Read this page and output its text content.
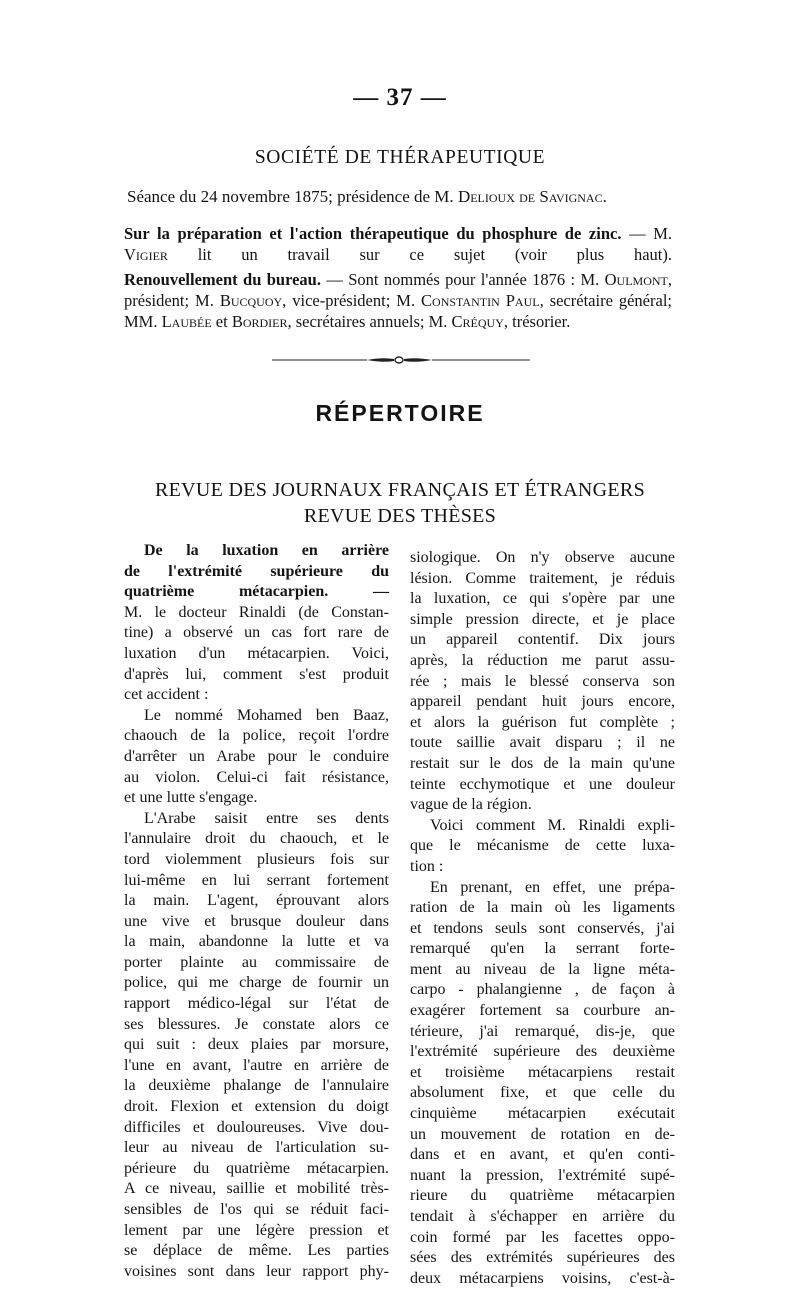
— 37 —
SOCIÉTÉ DE THÉRAPEUTIQUE
Séance du 24 novembre 1875; présidence de M. Delioux de Savignac.
Sur la préparation et l'action thérapeutique du phosphure de zinc. — M. Vigier lit un travail sur ce sujet (voir plus haut).
Renouvellement du bureau. — Sont nommés pour l'année 1876 : M. Oulmont, président; M. Bucquoy, vice-président; M. Constantin Paul, secrétaire général; MM. Laubée et Bordier, secrétaires annuels; M. Créquy, trésorier.
RÉPERTOIRE
REVUE DES JOURNAUX FRANÇAIS ET ÉTRANGERS
REVUE DES THÈSES
De la luxation en arrière
de l'extrémité supérieure du
quatrième métacarpien. —
M. le docteur Rinaldi (de Constan-
tine) a observé un cas fort rare de
luxation d'un métacarpien. Voici,
d'après lui, comment s'est produit
cet accident :
Le nommé Mohamed ben Baaz,
chaouch de la police, reçoit l'ordre
d'arrêter un Arabe pour le conduire
au violon. Celui-ci fait résistance,
et une lutte s'engage.
L'Arabe saisit entre ses dents
l'annulaire droit du chaouch, et le
tord violemment plusieurs fois sur
lui-même en lui serrant fortement
la main. L'agent, éprouvant alors
une vive et brusque douleur dans
la main, abandonne la lutte et va
porter plainte au commissaire de
police, qui me charge de fournir un
rapport médico-légal sur l'état de
ses blessures. Je constate alors ce
qui suit : deux plaies par morsure,
l'une en avant, l'autre en arrière de
la deuxième phalange de l'annulaire
droit. Flexion et extension du doigt
difficiles et douloureuses. Vive dou-
leur au niveau de l'articulation su-
périeure du quatrième métacarpien.
A ce niveau, saillie et mobilité très-
sensibles de l'os qui se réduit faci-
lement par une légère pression et
se déplace de même. Les parties
voisines sont dans leur rapport phy-
siologique. On n'y observe aucune
lésion. Comme traitement, je réduis
la luxation, ce qui s'opère par une
simple pression directe, et je place
un appareil contentif. Dix jours
après, la réduction me parut assu-
rée ; mais le blessé conserva son
appareil pendant huit jours encore,
et alors la guérison fut complète ;
toute saillie avait disparu ; il ne
restait sur le dos de la main qu'une
teinte ecchymotique et une douleur
vague de la région.
Voici comment M. Rinaldi expli-
que le mécanisme de cette luxa-
tion :
En prenant, en effet, une prépa-
ration de la main où les ligaments
et tendons seuls sont conservés, j'ai
remarqué qu'en la serrant forte-
ment au niveau de la ligne méta-
carpo - phalangienne , de façon à
exagérer fortement sa courbure an-
térieure, j'ai remarqué, dis-je, que
l'extrémité supérieure des deuxième
et troisième métacarpiens restait
absolument fixe, et que celle du
cinquième métacarpien exécutait
un mouvement de rotation en de-
dans et en avant, et qu'en conti-
nuant la pression, l'extrémité supé-
rieure du quatrième métacarpien
tendait à s'échapper en arrière du
coin formé par les facettes oppo-
sées des extrémités supérieures des
deux métacarpiens voisins, c'est-à-
